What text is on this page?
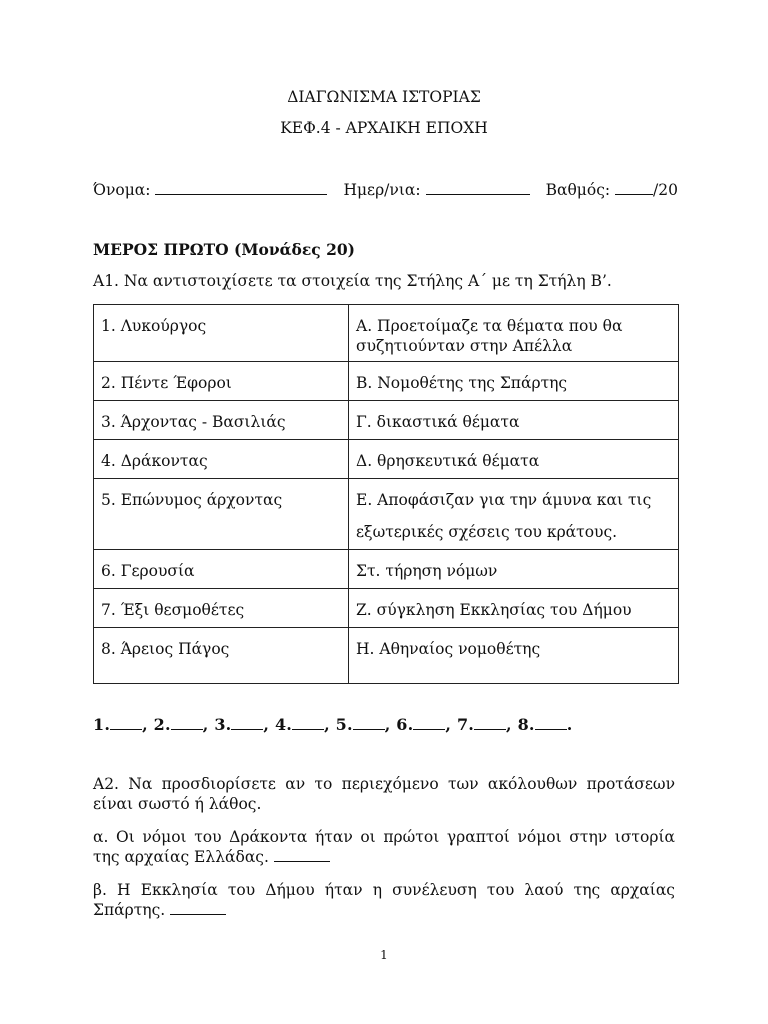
ΔΙΑΓΩΝΙΣΜΑ ΙΣΤΟΡΙΑΣ
ΚΕΦ.4 - ΑΡΧΑΙΚΗ ΕΠΟΧΗ
Όνομα:	Ημερ/νια:	Βαθμός:	/20
ΜΕΡΟΣ ΠΡΩΤΟ (Μονάδες 20)
Α1. Να αντιστοιχίσετε τα στοιχεία της Στήλης Α΄ με τη Στήλη Β’.
1. Λυκούργος	Α. Προετοίμαζε τα θέματα που θα συζητιούνταν στην Απέλλα
2. Πέντε Έφοροι	Β. Νομοθέτης της Σπάρτης
3. Άρχοντας - Βασιλιάς	Γ. δικαστικά θέματα
4. Δράκοντας	Δ. θρησκευτικά θέματα
5. Επώνυμος άρχοντας	Ε. Αποφάσιζαν για την άμυνα και τις
εξωτερικές σχέσεις του κράτους.

6. Γερουσία	Στ. τήρηση νόμων
7. Έξι θεσμοθέτες	Ζ. σύγκληση Εκκλησίας του Δήμου
8. Άρειος Πάγος	Η. Αθηναίος νομοθέτης
1. , 2. , 3. , 4. , 5. , 6. , 7. , 8. .
Α2. Να προσδιορίσετε αν το περιεχόμενο των ακόλουθων προτάσεων είναι σωστό ή λάθος.
α. Οι νόμοι του Δράκοντα ήταν οι πρώτοι γραπτοί νόμοι στην ιστορία της αρχαίας Ελλάδας.
β. Η Εκκλησία του Δήμου ήταν η συνέλευση του λαού της αρχαίας Σπάρτης.
1
